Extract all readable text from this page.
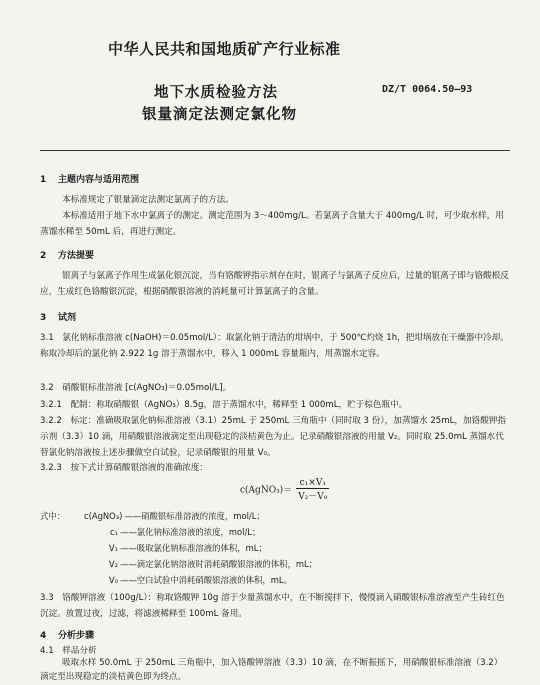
中华人民共和国地质矿产行业标准
地下水质检验方法
银量滴定法测定氯化物
DZ/T 0064.50—93
1 主题内容与适用范围
本标准规定了银量滴定法测定氯离子的方法。
本标准适用于地下水中氯离子的测定。测定范围为 3～400mg/L。若氯离子含量大于 400mg/L 时，可少取水样，用蒸馏水稀至 50mL 后，再进行测定。
2 方法提要
银离子与氯离子作用生成氯化银沉淀，当有铬酸钾指示剂存在时，银离子与氯离子反应后，过量的银离子即与铬酸根反应，生成红色铬酸银沉淀，根据硝酸银溶液的消耗量可计算氯离子的含量。
3 试剂
3.1　氯化钠标准溶液 c(NaOH)＝0.05mol/L）：取氯化钠于清洁的坩埚中，于 500℃灼烧 1h，把坩埚放在干燥器中冷却。称取冷却后的氯化钠 2.922 1g 溶于蒸馏水中，移入 1 000mL 容量瓶内，用蒸馏水定容。
3.2　硝酸银标准溶液 [c(AgNO₃)＝0.05mol/L]。
3.2.1　配制：称取硝酸银（AgNO₃）8.5g，溶于蒸馏水中，稀释至 1 000mL，贮于棕色瓶中。
3.2.2　标定：准确吸取氯化钠标准溶液（3.1）25mL 于 250mL 三角瓶中（同时取 3 份），加蒸馏水 25mL，加铬酸钾指示剂（3.3）10 滴，用硝酸银溶液滴定至出现稳定的淡桔黄色为止。记录硝酸银溶液的用量 V₂。同时取 25.0mL 蒸馏水代替氯化钠溶液按上述步骤做空白试验，记录硝酸银的用量 V₀。
3.2.3　按下式计算硝酸银溶液的准确浓度：
c(AgNO₃)＝ $\frac{\text{c₁×V₁}}{\text{V₂－V₀}}$
式中： c(AgNO₃) ——硝酸银标准溶液的浓度，mol/L；
c₁ ——氯化钠标准溶液的浓度，mol/L；
V₁ ——吸取氯化钠标准溶液的体积，mL；
V₂ ——滴定氯化钠溶液时消耗硝酸银溶液的体积，mL；
V₀ ——空白试验中消耗硝酸银溶液的体积，mL。
3.3　铬酸钾溶液（100g/L）：称取铬酸钾 10g 溶于少量蒸馏水中，在不断搅拌下，慢慢滴入硝酸银标准溶液至产生砖红色沉淀。放置过夜，过滤，将滤液稀释至 100mL 备用。
4 分析步骤
4.1　样品分析
吸取水样 50.0mL 于 250mL 三角瓶中，加入铬酸钾溶液（3.3）10 滴，在不断振摇下，用硝酸银标准溶液（3.2）滴定至出现稳定的淡桔黄色即为终点。
